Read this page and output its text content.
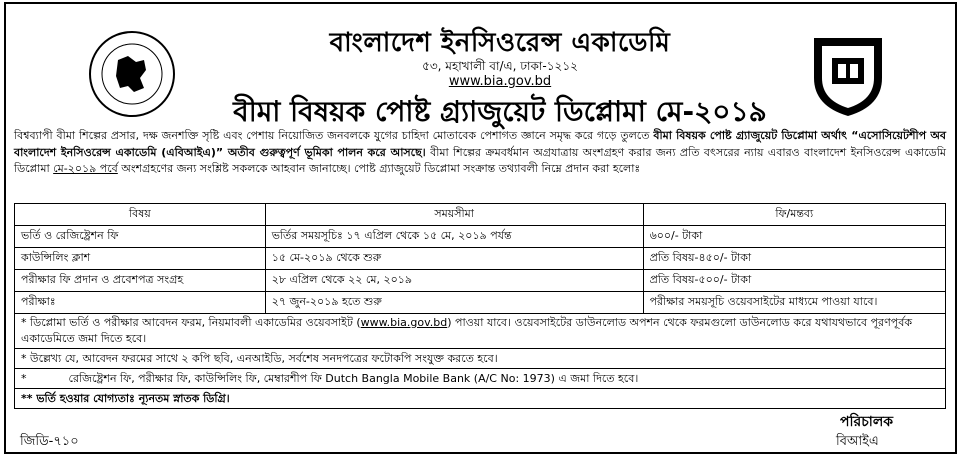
বাংলাদেশ ইনসিওরেন্স একাডেমি
৫৩, মহাখালী বা/এ, ঢাকা-১২১২
www.bia.gov.bd
বীমা বিষয়ক পোষ্ট গ্র্যাজুয়েট ডিপ্লোমা মে-২০১৯
বিশ্বব্যাপী বীমা শিল্পের প্রসার, দক্ষ জনশক্তি সৃষ্টি এবং পেশায় নিয়োজিত জনবলকে যুগের চাহিদা মোতাবেক পেশাগত জ্ঞানে সমৃদ্ধ করে গড়ে তুলতে বীমা বিষয়ক পোষ্ট গ্র্যাজুয়েট ডিপ্লোমা অর্থাৎ “এসোসিয়েটশীপ অব বাংলাদেশ ইনসিওরেন্স একাডেমি (এবিআইএ)” অতীব গুরুত্বপূর্ণ ভূমিকা পালন করে আসছে। বীমা শিল্পের ক্রমবর্ধমান অগ্রযাত্রায় অংশগ্রহণ করার জন্য প্রতি বৎসরের ন্যায় এবারও বাংলাদেশ ইনসিওরেন্স একাডেমি ডিপ্লোমা মে-২০১৯ পর্বে অংশগ্রহণের জন্য সংশ্লিষ্ট সকলকে আহবান জানাচ্ছে। পোষ্ট গ্র্যাজুয়েট ডিপ্লোমা সংক্রান্ত তথ্যাবলী নিম্নে প্রদান করা হলোঃ
বিষয়	সময়সীমা	ফি/মন্তব্য
ভর্তি ও রেজিষ্ট্রেশন ফি	ভর্তির সময়সূচিঃ ১৭ এপ্রিল থেকে ১৫ মে, ২০১৯ পর্যন্ত	৬০০/- টাকা
কাউন্সিলিং ক্লাশ	১৫ মে-২০১৯ থেকে শুরু	প্রতি বিষয়-৪৫০/- টাকা
পরীক্ষার ফি প্রদান ও প্রবেশপত্র সংগ্রহ	২৮ এপ্রিল থেকে ২২ মে, ২০১৯	প্রতি বিষয়-৫০০/- টাকা
পরীক্ষাঃ	২৭ জুন-২০১৯ হতে শুরু	পরীক্ষার সময়সূচি ওয়েবসাইটের মাধ্যমে পাওয়া যাবে।
* ডিপ্লোমা ভর্তি ও পরীক্ষার আবেদন ফরম, নিয়মাবলী একাডেমির ওয়েবসাইট (www.bia.gov.bd) পাওয়া যাবে। ওয়েবসাইটের ডাউনলোড অপশন থেকে ফরমগুলো ডাউনলোড করে যথাযথভাবে পূরণপূর্বক একাডেমিতে জমা দিতে হবে।		
* উল্লেখ্য যে, আবেদন ফরমের সাথে ২ কপি ছবি, এনআইডি, সর্বশেষ সনদপত্রের ফটোকপি সংযুক্ত করতে হবে।		
* রেজিষ্ট্রেশন ফি, পরীক্ষার ফি, কাউন্সিলিং ফি, মেম্বারশীপ ফি Dutch Bangla Mobile Bank (A/C No: 1973) এ জমা দিতে হবে।		
** ভর্তি হওয়ার যোগ্যতাঃ ন্যূনতম স্নাতক ডিগ্রি।		
পরিচালক
বিআইএ
জিডি-৭১০
